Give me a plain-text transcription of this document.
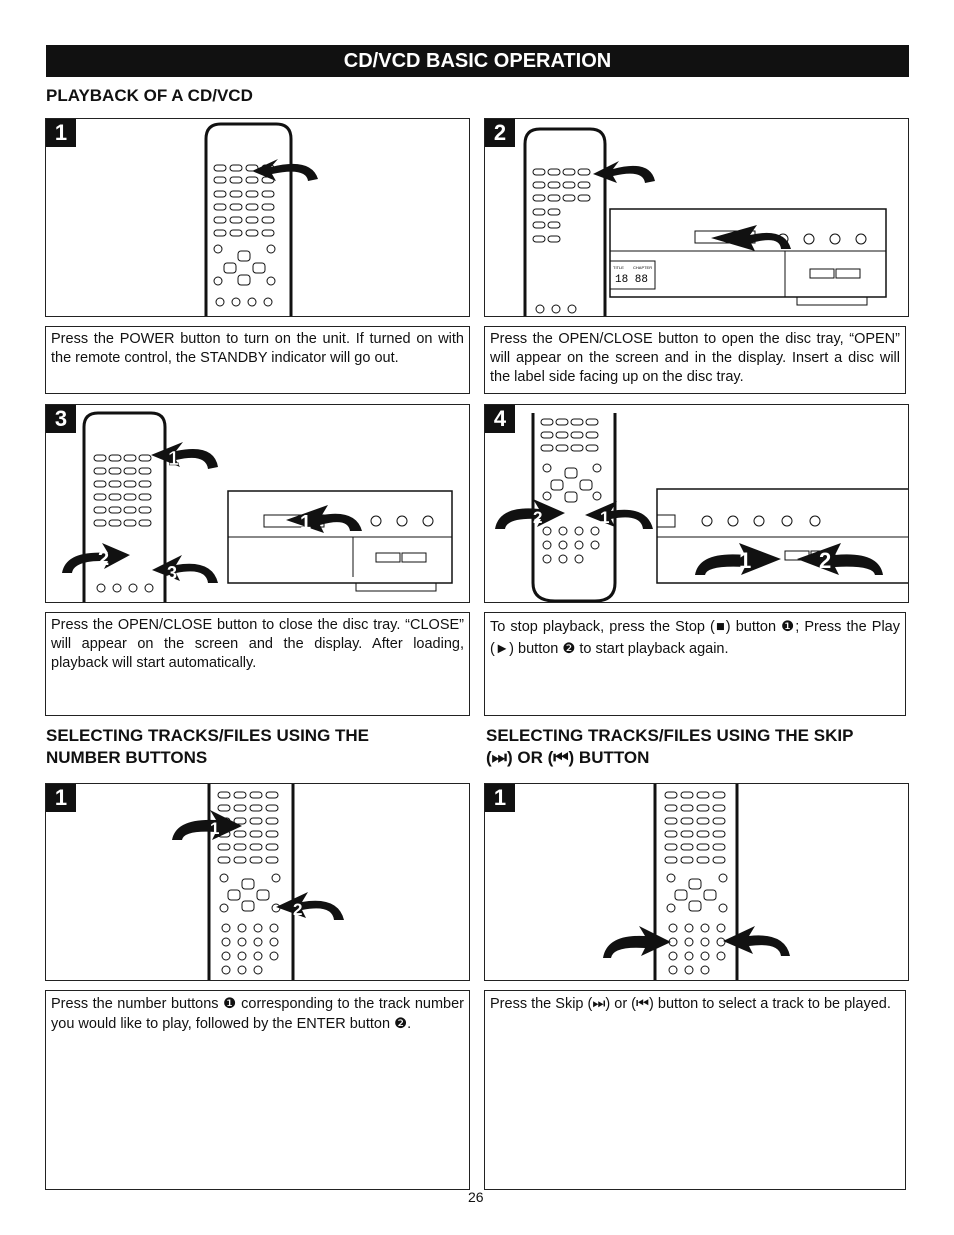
CD/VCD BASIC OPERATION
PLAYBACK OF A CD/VCD
1	2
TITLE CHAPTER
18 88
Press the POWER button to turn on the unit. If turned on with the remote control, the STANDBY indicator will go out.
Press the OPEN/CLOSE button to open the disc tray, “OPEN” will appear on the screen and in the display. Insert a disc will the label side facing up on the disc tray.
3
1
1
2
3
4
2	1
1	2
Press the OPEN/CLOSE button to close the disc tray. “CLOSE” will appear on the screen and the display. After loading, playback will start automatically.
To stop playback, press the Stop (■) button ❶; Press the Play (►) button ❷ to start playback again.
SELECTING TRACKS/FILES USING THE
NUMBER BUTTONS
SELECTING TRACKS/FILES USING THE SKIP
(⏭) OR (⏮) BUTTON
1
1
2
1
Press the number buttons ❶ corresponding to the track number you would like to play, followed by the ENTER button ❷.
Press the Skip (⏭) or (⏮) button to select a track to be played.
26
